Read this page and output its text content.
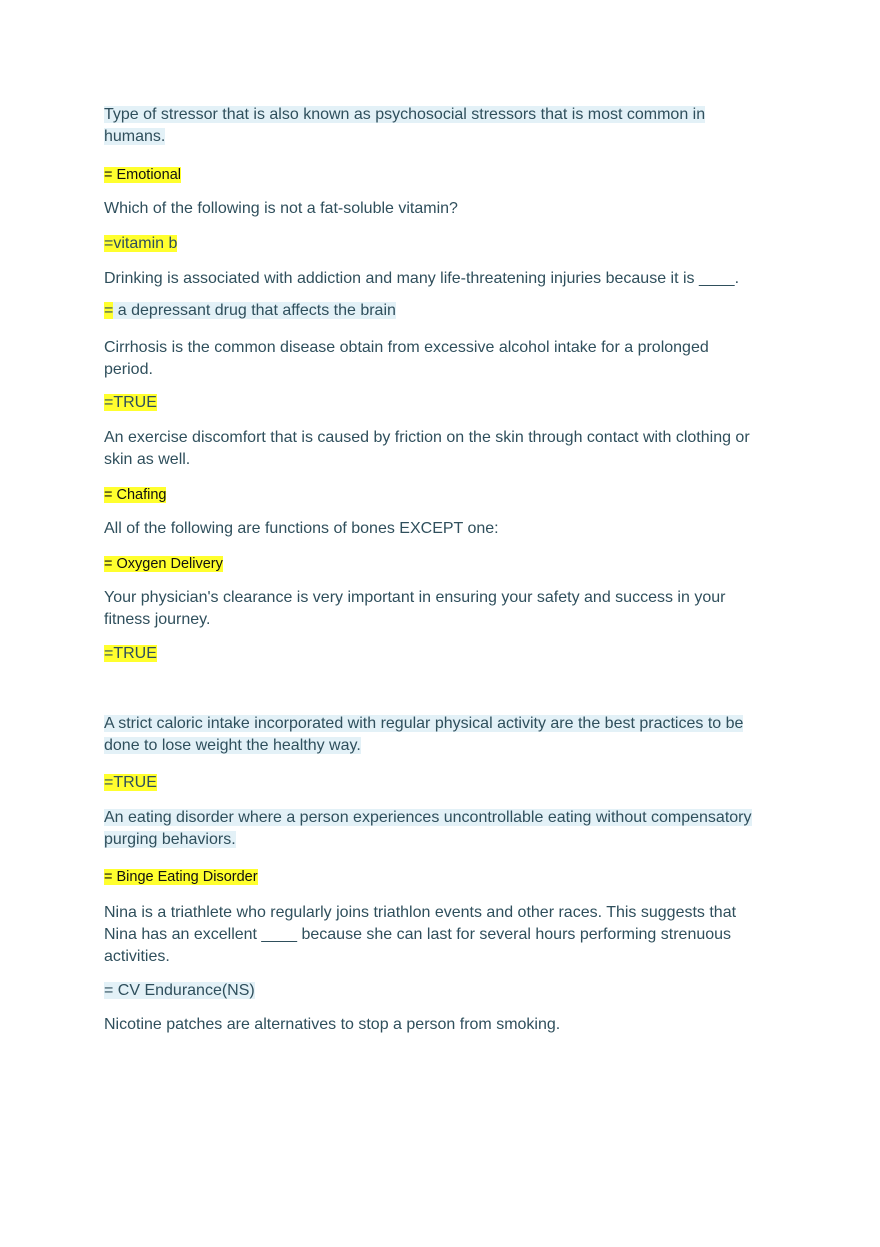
Type of stressor that is also known as psychosocial stressors that is most common in humans.
= Emotional
Which of the following is not a fat-soluble vitamin?
=vitamin b
Drinking is associated with addiction and many life-threatening injuries because it is ____.
= a depressant drug that affects the brain
Cirrhosis is the common disease obtain from excessive alcohol intake for a prolonged period.
=TRUE
An exercise discomfort that is caused by friction on the skin through contact with clothing or skin as well.
= Chafing
All of the following are functions of bones EXCEPT one:
= Oxygen Delivery
Your physician's clearance is very important in ensuring your safety and success in your fitness journey.
=TRUE
A strict caloric intake incorporated with regular physical activity are the best practices to be done to lose weight the healthy way.
=TRUE
An eating disorder where a person experiences uncontrollable eating without compensatory purging behaviors.
= Binge Eating Disorder
Nina is a triathlete who regularly joins triathlon events and other races. This suggests that Nina has an excellent ____ because she can last for several hours performing strenuous activities.
= CV Endurance(NS)
Nicotine patches are alternatives to stop a person from smoking.
